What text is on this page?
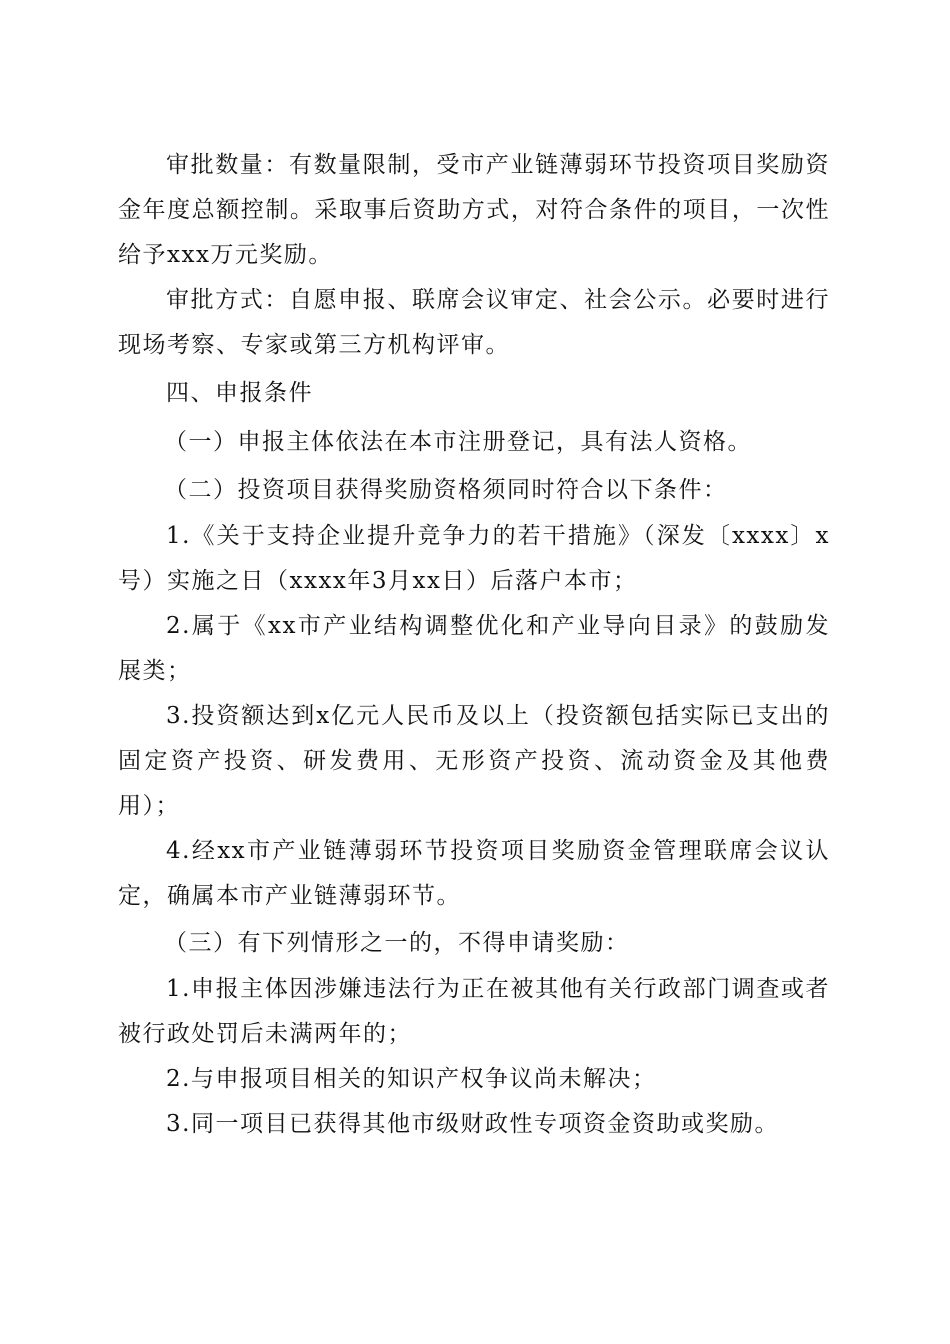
审批数量：有数量限制，受市产业链薄弱环节投资项目奖励资金年度总额控制。采取事后资助方式，对符合条件的项目，一次性给予xxx万元奖励。

审批方式：自愿申报、联席会议审定、社会公示。必要时进行现场考察、专家或第三方机构评审。

四、申报条件

（一）申报主体依法在本市注册登记，具有法人资格。

（二）投资项目获得奖励资格须同时符合以下条件：

1.《关于支持企业提升竞争力的若干措施》（深发〔xxxx〕x号）实施之日（xxxx年3月xx日）后落户本市；

2.属于《xx市产业结构调整优化和产业导向目录》的鼓励发展类；

3.投资额达到x亿元人民币及以上（投资额包括实际已支出的固定资产投资、研发费用、无形资产投资、流动资金及其他费用）；

4.经xx市产业链薄弱环节投资项目奖励资金管理联席会议认定，确属本市产业链薄弱环节。

（三）有下列情形之一的，不得申请奖励：

1.申报主体因涉嫌违法行为正在被其他有关行政部门调查或者被行政处罚后未满两年的；

2.与申报项目相关的知识产权争议尚未解决；

3.同一项目已获得其他市级财政性专项资金资助或奖励。
